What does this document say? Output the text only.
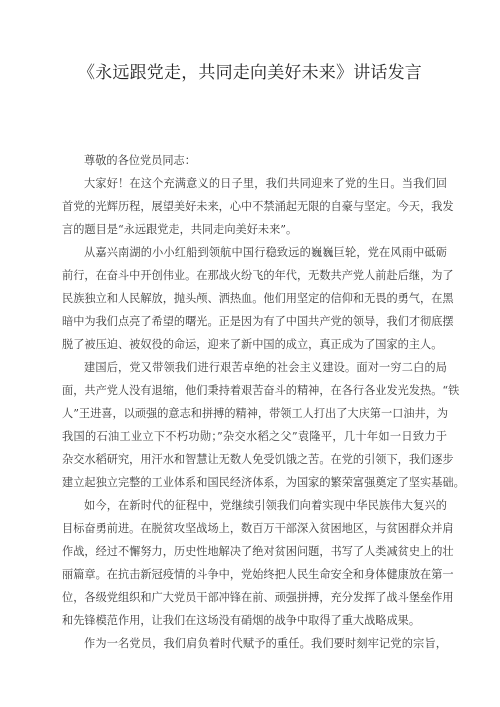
《永远跟党走，共同走向美好未来》讲话发言
尊敬的各位党员同志：
大家好！在这个充满意义的日子里，我们共同迎来了党的生日。当我们回
首党的光辉历程，展望美好未来，心中不禁涌起无限的自豪与坚定。今天，我发
言的题目是“永远跟党走，共同走向美好未来”。
从嘉兴南湖的小小红船到领航中国行稳致远的巍巍巨轮，党在风雨中砥砺
前行，在奋斗中开创伟业。在那战火纷飞的年代，无数共产党人前赴后继，为了
民族独立和人民解放，抛头颅、洒热血。他们用坚定的信仰和无畏的勇气，在黑
暗中为我们点亮了希望的曙光。正是因为有了中国共产党的领导，我们才彻底摆
脱了被压迫、被奴役的命运，迎来了新中国的成立，真正成为了国家的主人。
建国后，党又带领我们进行艰苦卓绝的社会主义建设。面对一穷二白的局
面，共产党人没有退缩，他们秉持着艰苦奋斗的精神，在各行各业发光发热。“铁
人”王进喜，以顽强的意志和拼搏的精神，带领工人打出了大庆第一口油井，为
我国的石油工业立下不朽功勋；”杂交水稻之父”袁隆平，几十年如一日致力于
杂交水稻研究，用汗水和智慧让无数人免受饥饿之苦。在党的引领下，我们逐步
建立起独立完整的工业体系和国民经济体系，为国家的繁荣富强奠定了坚实基础。
如今，在新时代的征程中，党继续引领我们向着实现中华民族伟大复兴的
目标奋勇前进。在脱贫攻坚战场上，数百万干部深入贫困地区，与贫困群众并肩
作战，经过不懈努力，历史性地解决了绝对贫困问题，书写了人类减贫史上的壮
丽篇章。在抗击新冠疫情的斗争中，党始终把人民生命安全和身体健康放在第一
位，各级党组织和广大党员干部冲锋在前、顽强拼搏，充分发挥了战斗堡垒作用
和先锋模范作用，让我们在这场没有硝烟的战争中取得了重大战略成果。
作为一名党员，我们肩负着时代赋予的重任。我们要时刻牢记党的宗旨，
